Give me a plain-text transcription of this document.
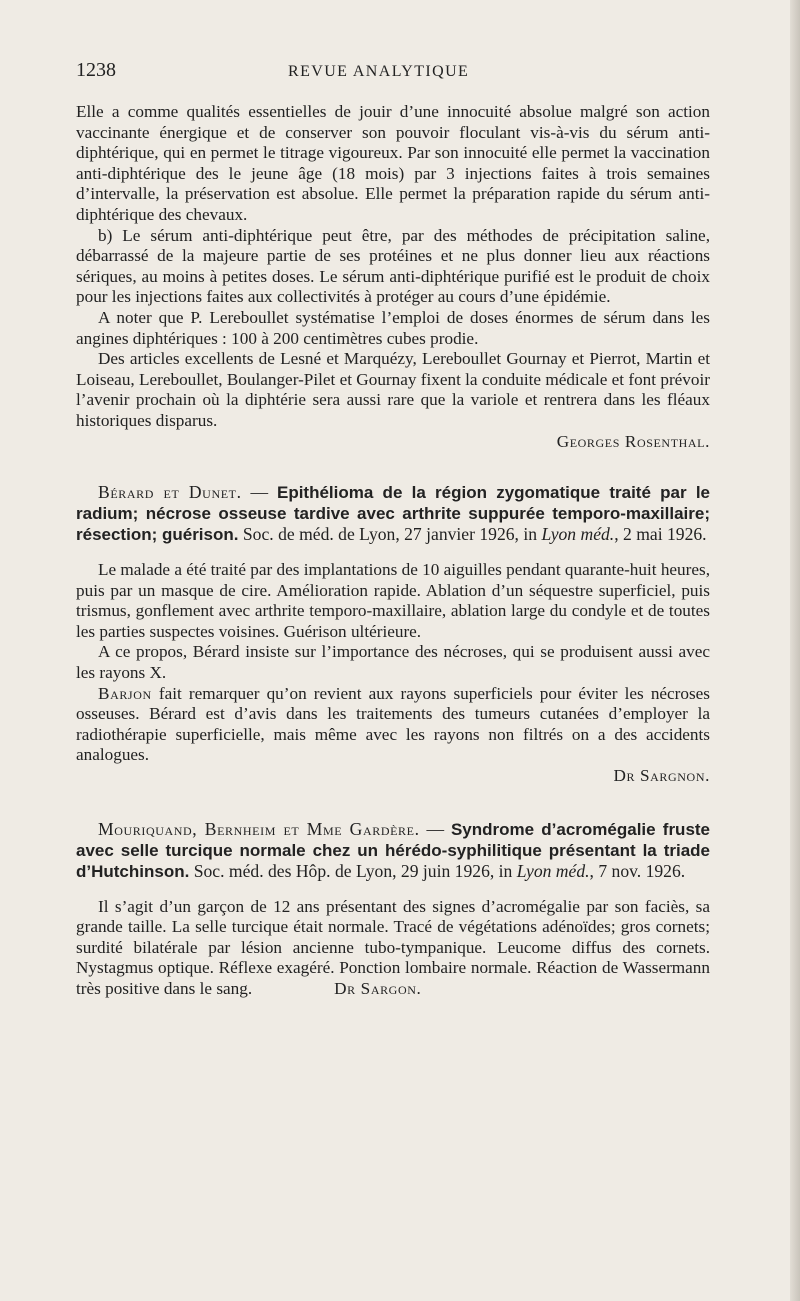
1238	REVUE ANALYTIQUE

Elle a comme qualités essentielles de jouir d’une innocuité absolue malgré son action vaccinante énergique et de conserver son pouvoir floculant vis-à-vis du sérum anti-diphtérique, qui en permet le titrage vigoureux. Par son innocuité elle permet la vaccination anti-diphtérique des le jeune âge (18 mois) par 3 injections faites à trois semaines d’intervalle, la préservation est absolue. Elle permet la préparation rapide du sérum anti-diphtérique des chevaux.

b) Le sérum anti-diphtérique peut être, par des méthodes de précipitation saline, débarrassé de la majeure partie de ses protéines et ne plus donner lieu aux réactions sériques, au moins à petites doses. Le sérum anti-diphtérique purifié est le produit de choix pour les injections faites aux collectivités à protéger au cours d’une épidémie.

A noter que P. Lereboullet systématise l’emploi de doses énormes de sérum dans les angines diphtériques : 100 à 200 centimètres cubes prodie.

Des articles excellents de Lesné et Marquézy, Lereboullet Gournay et Pierrot, Martin et Loiseau, Lereboullet, Boulanger-Pilet et Gournay fixent la conduite médicale et font prévoir l’avenir prochain où la diphtérie sera aussi rare que la variole et rentrera dans les fléaux historiques disparus.

Georges Rosenthal.

Bérard et Dunet. — Epithélioma de la région zygomatique traité par le radium; nécrose osseuse tardive avec arthrite suppurée temporo-maxillaire; résection; guérison. Soc. de méd. de Lyon, 27 janvier 1926, in Lyon méd., 2 mai 1926.

Le malade a été traité par des implantations de 10 aiguilles pendant quarante-huit heures, puis par un masque de cire. Amélioration rapide. Ablation d’un séquestre superficiel, puis trismus, gonflement avec arthrite temporo-maxillaire, ablation large du condyle et de toutes les parties suspectes voisines. Guérison ultérieure.

A ce propos, Bérard insiste sur l’importance des nécroses, qui se produisent aussi avec les rayons X.

Barjon fait remarquer qu’on revient aux rayons superficiels pour éviter les nécroses osseuses. Bérard est d’avis dans les traitements des tumeurs cutanées d’employer la radiothérapie superficielle, mais même avec les rayons non filtrés on a des accidents analogues.

Dr Sargnon.

Mouriquand, Bernheim et Mme Gardère. — Syndrome d’acromégalie fruste avec selle turcique normale chez un hérédo-syphilitique présentant la triade d’Hutchinson. Soc. méd. des Hôp. de Lyon, 29 juin 1926, in Lyon méd., 7 nov. 1926.

Il s’agit d’un garçon de 12 ans présentant des signes d’acromégalie par son faciès, sa grande taille. La selle turcique était normale. Tracé de végétations adénoïdes; gros cornets; surdité bilatérale par lésion ancienne tubo-tympanique. Leucome diffus des cornets. Nystagmus optique. Réflexe exagéré. Ponction lombaire normale. Réaction de Wassermann très positive dans le sang.	Dr Sargon.
